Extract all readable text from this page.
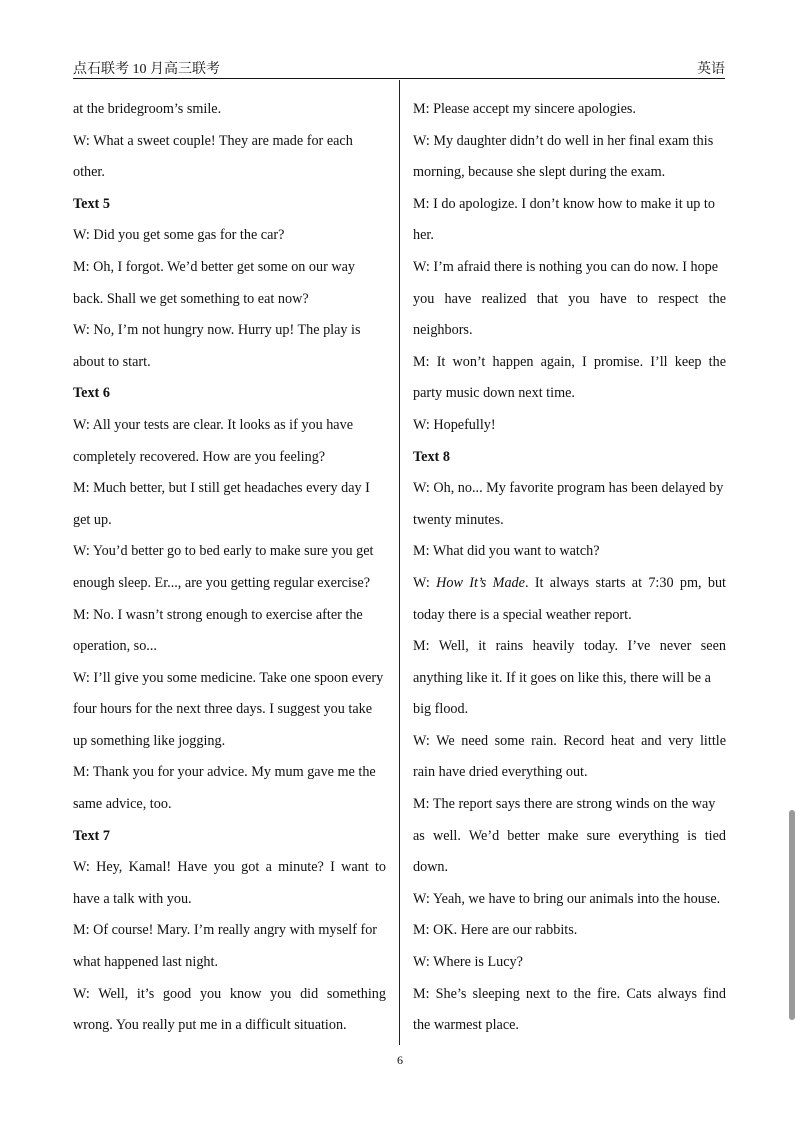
点石联考 10 月高三联考	英语
at the bridegroom’s smile.
W: What a sweet couple! They are made for each
other.
Text 5
W: Did you get some gas for the car?
M: Oh, I forgot. We’d better get some on our way
back. Shall we get something to eat now?
W: No, I’m not hungry now. Hurry up! The play is
about to start.
Text 6
W: All your tests are clear. It looks as if you have
completely recovered. How are you feeling?
M: Much better, but I still get headaches every day I
get up.
W: You’d better go to bed early to make sure you get
enough sleep. Er..., are you getting regular exercise?
M: No. I wasn’t strong enough to exercise after the
operation, so...
W: I’ll give you some medicine. Take one spoon every
four hours for the next three days. I suggest you take
up something like jogging.
M: Thank you for your advice. My mum gave me the
same advice, too.
Text 7
W: Hey, Kamal! Have you got a minute? I want to
have a talk with you.
M: Of course! Mary. I’m really angry with myself for
what happened last night.
W: Well, it’s good you know you did something
wrong. You really put me in a difficult situation.
M: Please accept my sincere apologies.
W: My daughter didn’t do well in her final exam this
morning, because she slept during the exam.
M: I do apologize. I don’t know how to make it up to
her.
W: I’m afraid there is nothing you can do now. I hope
you have realized that you have to respect the
neighbors.
M: It won’t happen again, I promise. I’ll keep the
party music down next time.
W: Hopefully!
Text 8
W: Oh, no... My favorite program has been delayed by
twenty minutes.
M: What did you want to watch?
W: How It’s Made. It always starts at 7:30 pm, but
today there is a special weather report.
M: Well, it rains heavily today. I’ve never seen
anything like it. If it goes on like this, there will be a
big flood.
W: We need some rain. Record heat and very little
rain have dried everything out.
M: The report says there are strong winds on the way
as well. We’d better make sure everything is tied
down.
W: Yeah, we have to bring our animals into the house.
M: OK. Here are our rabbits.
W: Where is Lucy?
M: She’s sleeping next to the fire. Cats always find
the warmest place.
6
